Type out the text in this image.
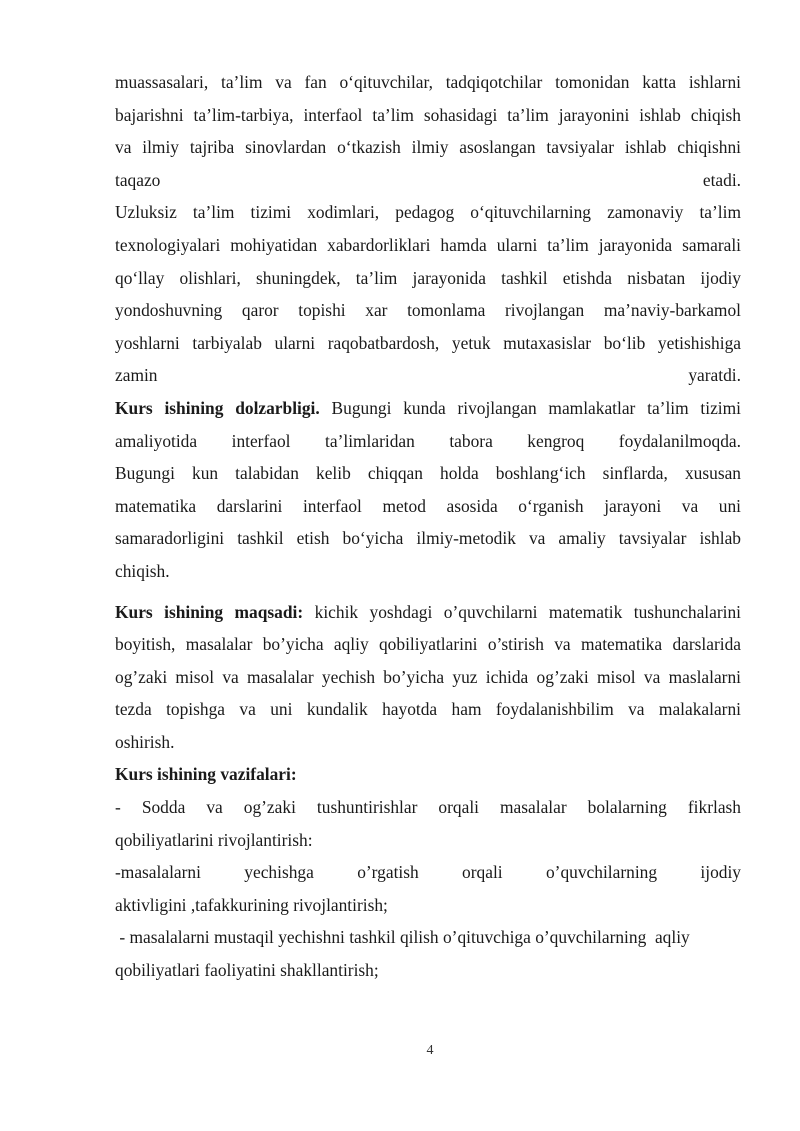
muassasalari, ta’lim va fan o‘qituvchilar, tadqiqotchilar tomonidan katta ishlarni
bajarishni ta’lim-tarbiya, interfaol ta’lim sohasidagi ta’lim jarayonini ishlab chiqish
va ilmiy tajriba sinovlardan o‘tkazish ilmiy asoslangan tavsiyalar ishlab chiqishni
taqazo etadi.
Uzluksiz ta’lim tizimi xodimlari, pedagog o‘qituvchilarning zamonaviy ta’lim
texnologiyalari mohiyatidan xabardorliklari hamda ularni ta’lim jarayonida samarali
qo‘llay olishlari, shuningdek, ta’lim jarayonida tashkil etishda nisbatan ijodiy
yondoshuvning qaror topishi xar tomonlama rivojlangan ma’naviy-barkamol
yoshlarni tarbiyalab ularni raqobatbardosh, yetuk mutaxasislar bo‘lib yetishishiga
zamin yaratdi.
Kurs ishining dolzarbligi. Bugungi kunda rivojlangan mamlakatlar ta’lim tizimi
amaliyotida interfaol ta’limlaridan tabora kengroq foydalanilmoqda.
Bugungi kun talabidan kelib chiqqan holda boshlang‘ich sinflarda, xususan
matematika darslarini interfaol metod asosida o‘rganish jarayoni va uni
samaradorligini tashkil etish bo‘yicha ilmiy-metodik va amaliy tavsiyalar ishlab
chiqish.
Kurs ishining maqsadi: kichik yoshdagi o’quvchilarni matematik tushunchalarini
boyitish, masalalar bo’yicha aqliy qobiliyatlarini o’stirish va matematika darslarida
og’zaki misol va masalalar yechish bo’yicha yuz ichida og’zaki misol va maslalarni
tezda topishga va uni kundalik hayotda ham foydalanishbilim va malakalarni
oshirish.
Kurs ishining vazifalari:
- Sodda va og’zaki tushuntirishlar orqali masalalar bolalarning fikrlash
qobiliyatlarini rivojlantirish:
-masalalarni yechishga o’rgatish orqali o’quvchilarning ijodiy
aktivligini ,tafakkurining rivojlantirish;
- masalalarni mustaqil yechishni tashkil qilish o’qituvchiga o’quvchilarning  aqliy
qobiliyatlari faoliyatini shakllantirish;
4
